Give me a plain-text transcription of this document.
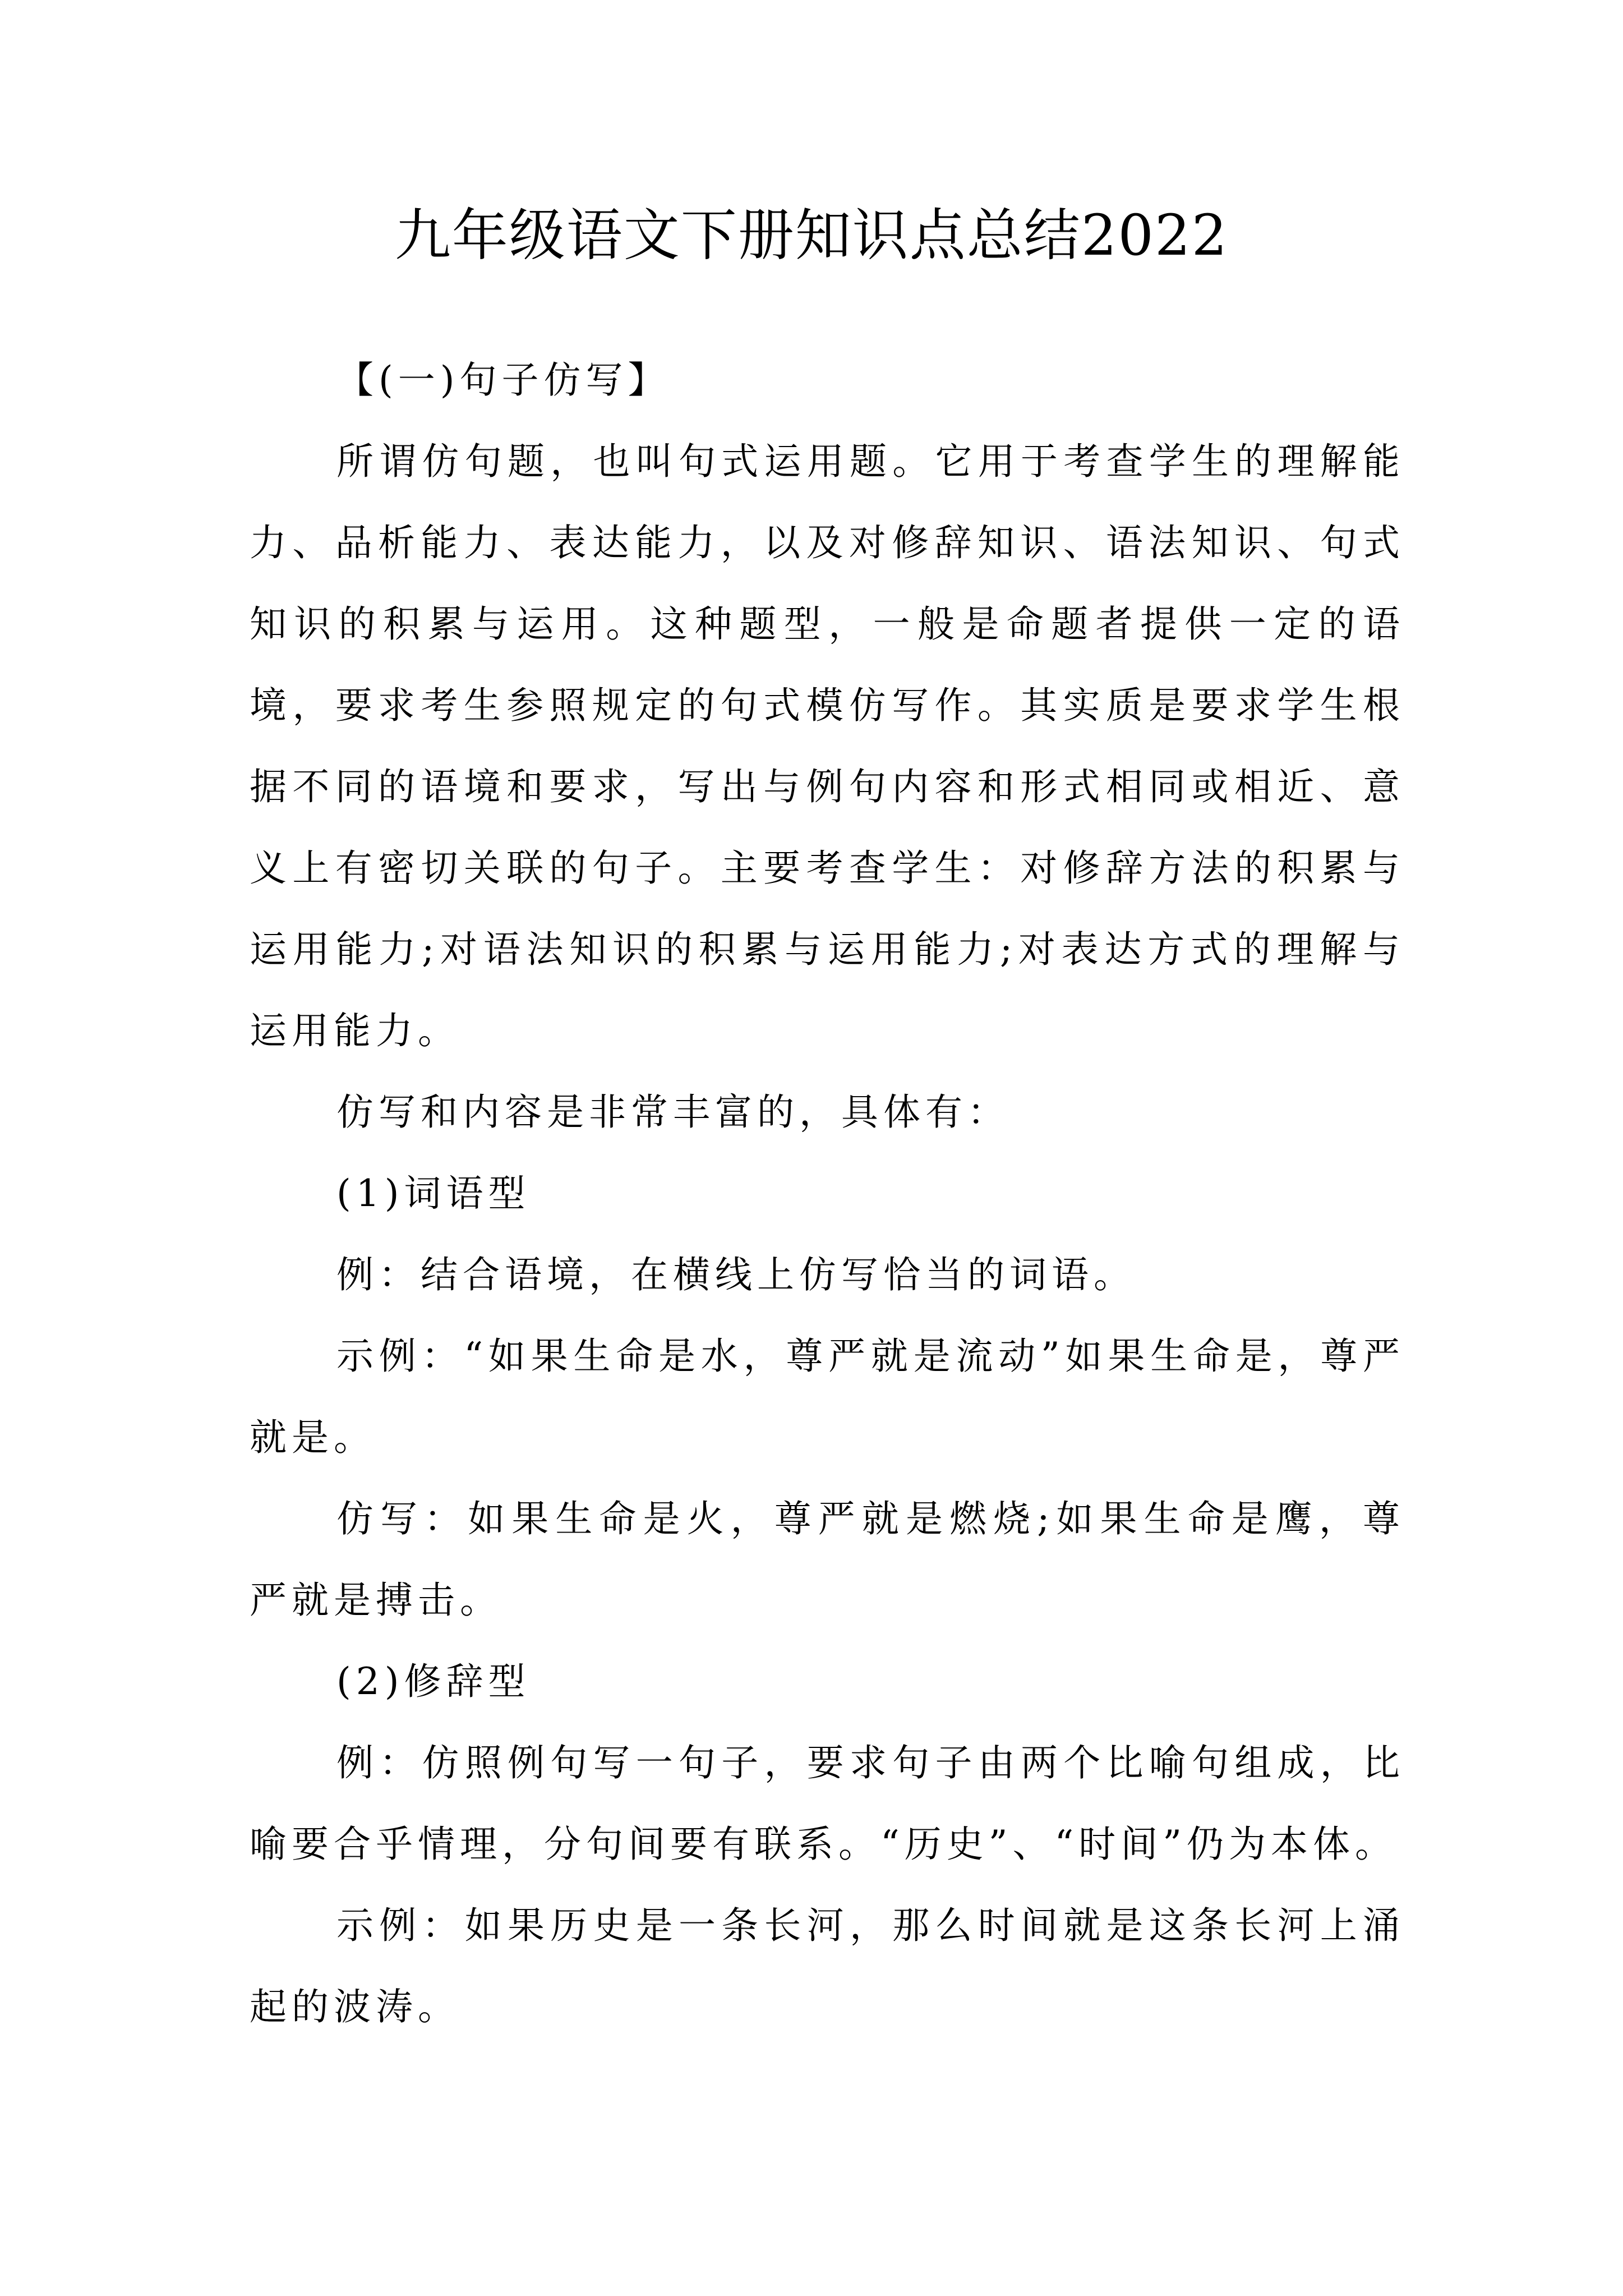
九年级语文下册知识点总结2022

【(一)句子仿写】

所谓仿句题，也叫句式运用题。它用于考查学生的理解能力、品析能力、表达能力，以及对修辞知识、语法知识、句式知识的积累与运用。这种题型，一般是命题者提供一定的语境，要求考生参照规定的句式模仿写作。其实质是要求学生根据不同的语境和要求，写出与例句内容和形式相同或相近、意义上有密切关联的句子。主要考查学生：对修辞方法的积累与运用能力;对语法知识的积累与运用能力;对表达方式的理解与运用能力。

仿写和内容是非常丰富的，具体有：

(1)词语型

例：结合语境，在横线上仿写恰当的词语。

示例：“如果生命是水，尊严就是流动”如果生命是，尊严就是。

仿写：如果生命是火，尊严就是燃烧;如果生命是鹰，尊严就是搏击。

(2)修辞型

例：仿照例句写一句子，要求句子由两个比喻句组成，比喻要合乎情理，分句间要有联系。“历史”、“时间”仍为本体。

示例：如果历史是一条长河，那么时间就是这条长河上涌起的波涛。
